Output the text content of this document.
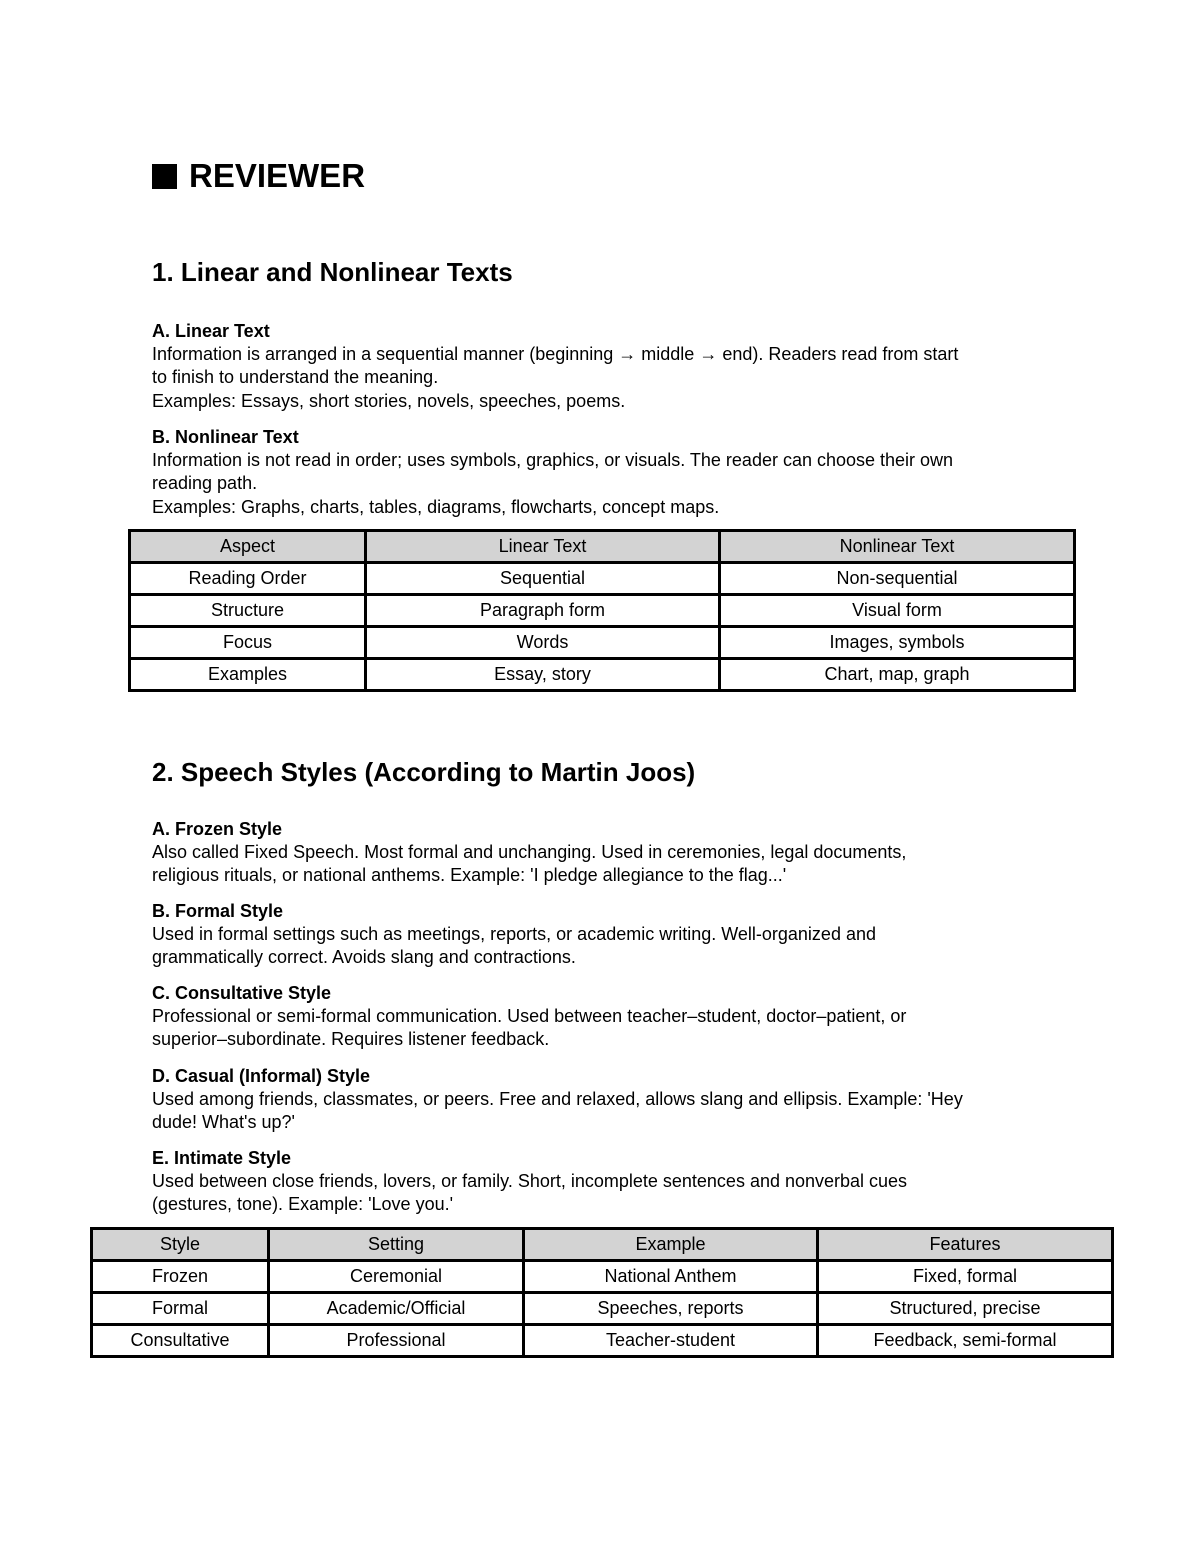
REVIEWER
1. Linear and Nonlinear Texts
A. Linear Text

Information is arranged in a sequential manner (beginning → middle → end). Readers read from start

to finish to understand the meaning.

Examples: Essays, short stories, novels, speeches, poems.

B. Nonlinear Text

Information is not read in order; uses symbols, graphics, or visuals. The reader can choose their own

reading path.

Examples: Graphs, charts, tables, diagrams, flowcharts, concept maps.

Aspect	Linear Text	Nonlinear Text
Reading Order	Sequential	Non-sequential
Structure	Paragraph form	Visual form
Focus	Words	Images, symbols
Examples	Essay, story	Chart, map, graph
2. Speech Styles (According to Martin Joos)
A. Frozen Style

Also called Fixed Speech. Most formal and unchanging. Used in ceremonies, legal documents,

religious rituals, or national anthems. Example: 'I pledge allegiance to the flag...'

B. Formal Style

Used in formal settings such as meetings, reports, or academic writing. Well-organized and

grammatically correct. Avoids slang and contractions.

C. Consultative Style

Professional or semi-formal communication. Used between teacher–student, doctor–patient, or

superior–subordinate. Requires listener feedback.

D. Casual (Informal) Style

Used among friends, classmates, or peers. Free and relaxed, allows slang and ellipsis. Example: 'Hey

dude! What's up?'

E. Intimate Style

Used between close friends, lovers, or family. Short, incomplete sentences and nonverbal cues

(gestures, tone). Example: 'Love you.'

Style	Setting	Example	Features
Frozen	Ceremonial	National Anthem	Fixed, formal
Formal	Academic/Official	Speeches, reports	Structured, precise
Consultative	Professional	Teacher-student	Feedback, semi-formal
